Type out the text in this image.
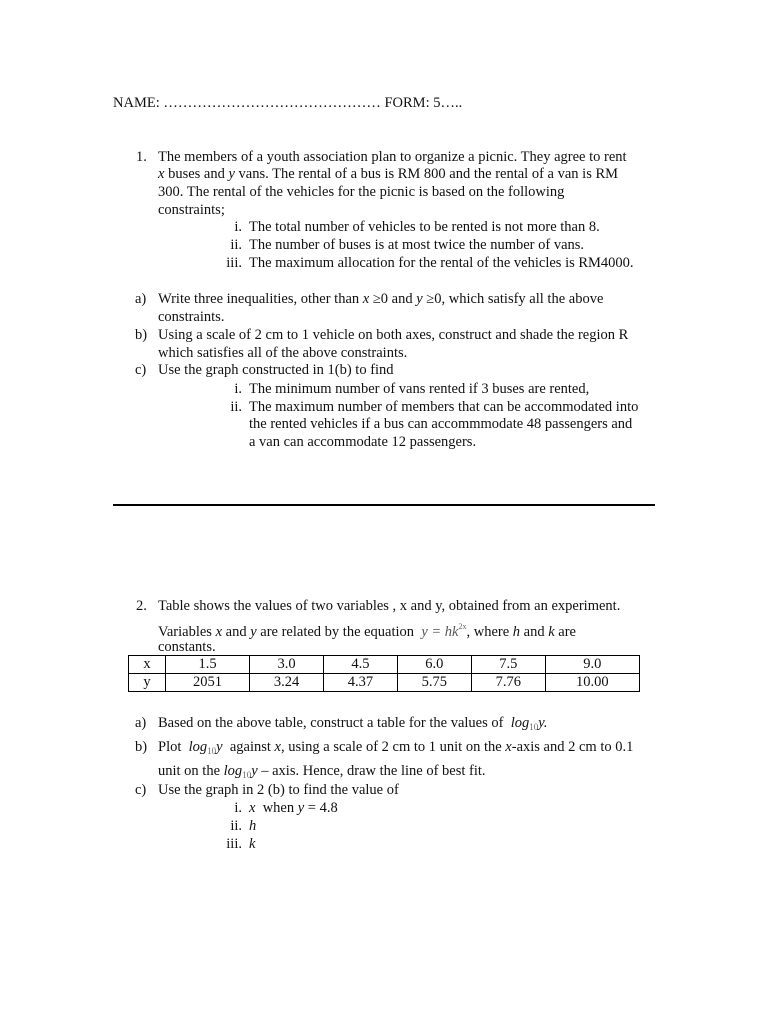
NAME: ……………………………………… FORM: 5…..
1. The members of a youth association plan to organize a picnic. They agree to rent
x buses and y vans. The rental of a bus is RM 800 and the rental of a van is RM
300. The rental of the vehicles for the picnic is based on the following
constraints;
i. The total number of vehicles to be rented is not more than 8.
ii. The number of buses is at most twice the number of vans.
iii. The maximum allocation for the rental of the vehicles is RM4000.
a) Write three inequalities, other than x ≥0 and y ≥0, which satisfy all the above
constraints.
b) Using a scale of 2 cm to 1 vehicle on both axes, construct and shade the region R
which satisfies all of the above constraints.
c) Use the graph constructed in 1(b) to find
i. The minimum number of vans rented if 3 buses are rented,
ii. The maximum number of members that can be accommodated into
the rented vehicles if a bus can accommmodate 48 passengers and
a van can accommodate 12 passengers.
2. Table shows the values of two variables , x and y, obtained from an experiment.
Variables x and y are related by the equation $y = hk^{2x}$, where h and k are
constants.
x	1.5	3.0	4.5	6.0	7.5	9.0
y	2051	3.24	4.37	5.75	7.76	10.00
a) Based on the above table, construct a table for the values of $\log_{10}y$.
b) Plot $\log_{10}y$ against x, using a scale of 2 cm to 1 unit on the x-axis and 2 cm to 0.1
unit on the $\log_{10}y$ – axis. Hence, draw the line of best fit.
c) Use the graph in 2 (b) to find the value of
i. x when y = 4.8
ii. h
iii. k
